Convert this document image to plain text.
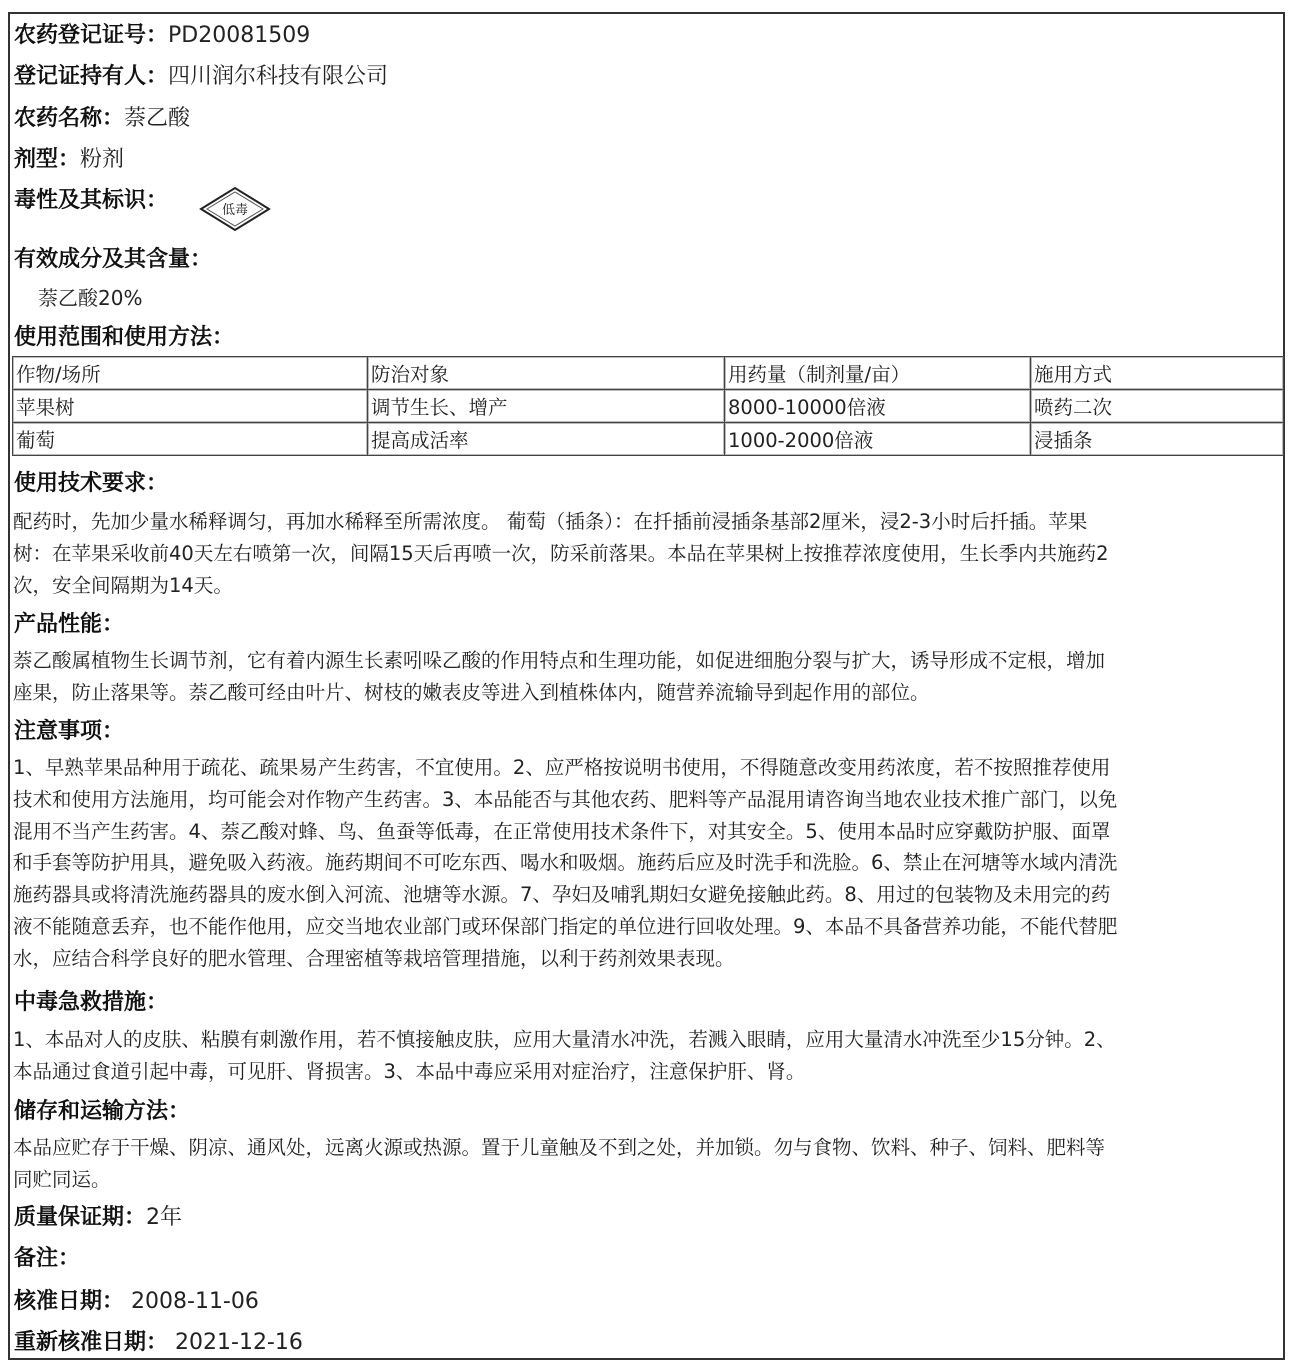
农药登记证号：PD20081509
登记证持有人：四川润尔科技有限公司
农药名称：萘乙酸
剂型：粉剂
毒性及其标识：	低毒
有效成分及其含量：
萘乙酸20%
使用范围和使用方法：
作物/场所	防治对象	用药量（制剂量/亩）	施用方式
苹果树	调节生长、增产	8000-10000倍液	喷药二次
葡萄	提高成活率	1000-2000倍液	浸插条
使用技术要求：
配药时，先加少量水稀释调匀，再加水稀释至所需浓度。 葡萄（插条）：在扦插前浸插条基部2厘米，浸2-3小时后扦插。苹果
树：在苹果采收前40天左右喷第一次，间隔15天后再喷一次，防采前落果。本品在苹果树上按推荐浓度使用，生长季内共施药2
次，安全间隔期为14天。
产品性能：
萘乙酸属植物生长调节剂，它有着内源生长素吲哚乙酸的作用特点和生理功能，如促进细胞分裂与扩大，诱导形成不定根，增加
座果，防止落果等。萘乙酸可经由叶片、树枝的嫩表皮等进入到植株体内，随营养流输导到起作用的部位。
注意事项：
1、早熟苹果品种用于疏花、疏果易产生药害，不宜使用。2、应严格按说明书使用，不得随意改变用药浓度，若不按照推荐使用
技术和使用方法施用，均可能会对作物产生药害。3、本品能否与其他农药、肥料等产品混用请咨询当地农业技术推广部门，以免
混用不当产生药害。4、萘乙酸对蜂、鸟、鱼蚕等低毒，在正常使用技术条件下，对其安全。5、使用本品时应穿戴防护服、面罩
和手套等防护用具，避免吸入药液。施药期间不可吃东西、喝水和吸烟。施药后应及时洗手和洗脸。6、禁止在河塘等水域内清洗
施药器具或将清洗施药器具的废水倒入河流、池塘等水源。7、孕妇及哺乳期妇女避免接触此药。8、用过的包装物及未用完的药
液不能随意丢弃，也不能作他用，应交当地农业部门或环保部门指定的单位进行回收处理。9、本品不具备营养功能，不能代替肥
水，应结合科学良好的肥水管理、合理密植等栽培管理措施，以利于药剂效果表现。
中毒急救措施：
1、本品对人的皮肤、粘膜有刺激作用，若不慎接触皮肤，应用大量清水冲洗，若溅入眼睛，应用大量清水冲洗至少15分钟。2、
本品通过食道引起中毒，可见肝、肾损害。3、本品中毒应采用对症治疗，注意保护肝、肾。
储存和运输方法：
本品应贮存于干燥、阴凉、通风处，远离火源或热源。置于儿童触及不到之处，并加锁。勿与食物、饮料、种子、饲料、肥料等
同贮同运。
质量保证期：2年
备注：
核准日期： 2008-11-06
重新核准日期： 2021-12-16
